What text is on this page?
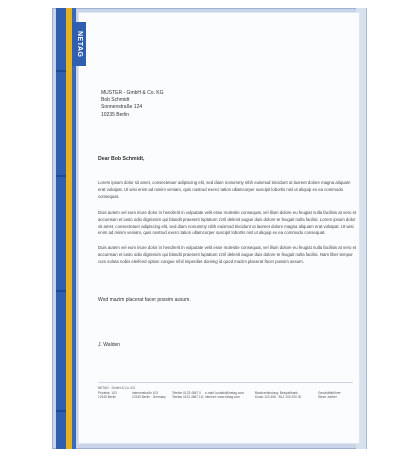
NETAG
MUSTER - GmbH & Co. KG
Bob Schmidt
Sonnenstraße 124
10235 Berlin
Dear Bob Schmidt,
Lorem ipsum dolor sit amet, consectetuer adipiscing elit, sed diam nonummy nibh euismod tincidunt ut laoreet dolore magna aliquam erat volutpat. Ut wisi enim ad minim veniam, quis nostrud exerci tation ullamcorper suscipit lobortis nisl ut aliquip ex ea commodo consequat.
Duis autem vel eum iriure dolor in hendrerit in vulputate velit esse molestie consequat, vel illum dolore eu feugiat nulla facilisis at vero et accumsan et iusto odio dignissim qui blandit praesent luptatum zzril delenit augue duis dolore te feugait nulla facilisi. Lorem ipsum dolor sit amet, consectetuer adipiscing elit, sed diam nonummy nibh euismod tincidunt ut laoreet dolore magna aliquam erat volutpat. Ut wisi enim ad minim veniam, quis nostrud exerci tation ullamcorper suscipit lobortis nisl ut aliquip ex ea commodo consequat.
Duis autem vel eum iriure dolor in hendrerit in vulputate velit esse molestie consequat, vel illum dolore eu feugiat nulla facilisis at vero et accumsan et iusto odio dignissim qui blandit praesent luptatum zzril delenit augue duis dolore te feugait nulla facilisi. Nam liber tempor cum soluta nobis eleifend option congue nihil imperdiet doming id quod mazim placerat facer possim assum.
Wod mazim placerat facer possim assum.
J. Walden
NETAG · GmbH & Co. KG
Privatstr. 103
12345 Berlin
Internetstraße 103
12345 Berlin · Germany
Telefon 0123 4567 0
Telefax 0123 4567 111
e-mail: kontakt@netag.com
internet: www.netag.com
Bankverbindung: Beispielbank
Konto 123 456 · BLZ 100 200 30
Geschäftsführer
Steve Jobber
